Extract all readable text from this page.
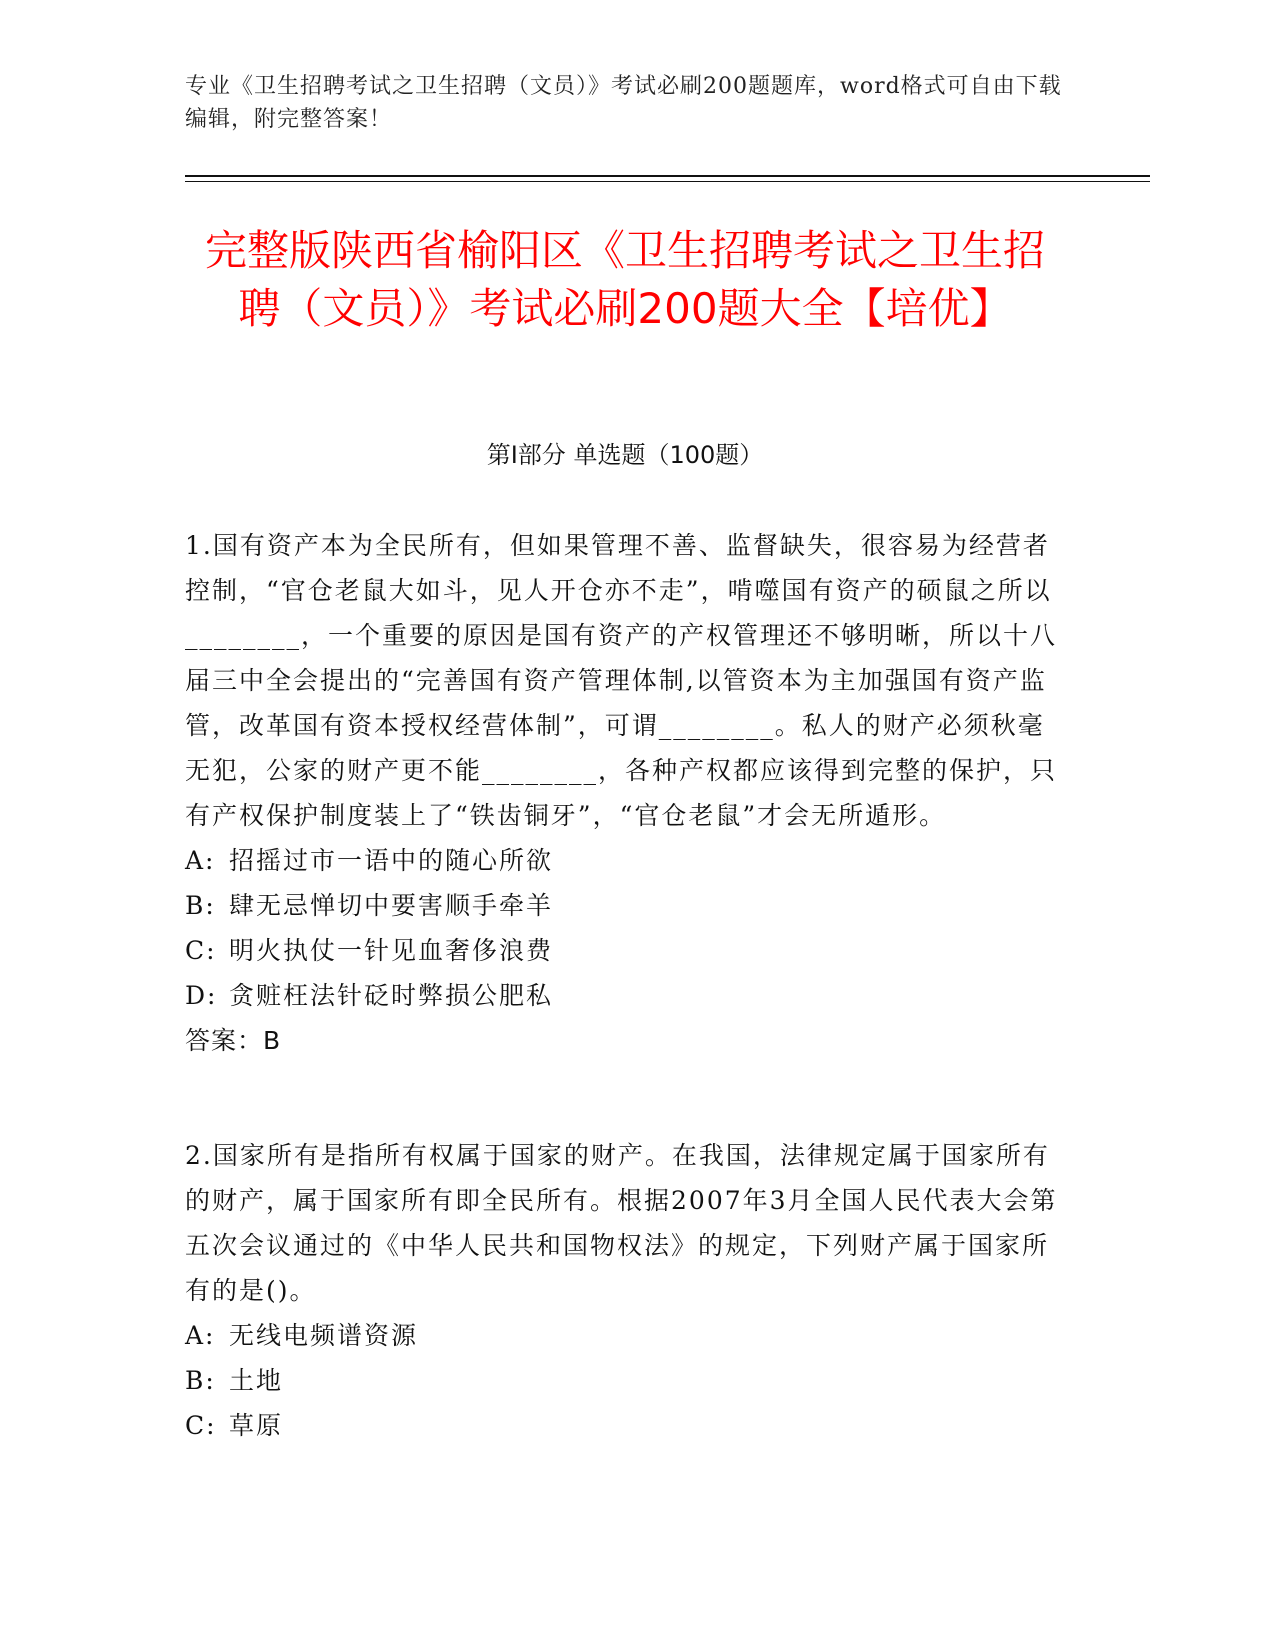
专业《卫生招聘考试之卫生招聘（文员）》考试必刷200题题库，word格式可自由下载编辑，附完整答案！
完整版陕西省榆阳区《卫生招聘考试之卫生招聘（文员）》考试必刷200题大全【培优】
第I部分 单选题（100题）
1.国有资产本为全民所有，但如果管理不善、监督缺失，很容易为经营者控制，“官仓老鼠大如斗，见人开仓亦不走”，啃噬国有资产的硕鼠之所以________，一个重要的原因是国有资产的产权管理还不够明晰，所以十八届三中全会提出的“完善国有资产管理体制,以管资本为主加强国有资产监管，改革国有资本授权经营体制”，可谓________。私人的财产必须秋毫无犯，公家的财产更不能________，各种产权都应该得到完整的保护，只有产权保护制度装上了“铁齿铜牙”，“官仓老鼠”才会无所遁形。
A: 招摇过市一语中的随心所欲
B: 肆无忌惮切中要害顺手牵羊
C: 明火执仗一针见血奢侈浪费
D: 贪赃枉法针砭时弊损公肥私
答案：B
2.国家所有是指所有权属于国家的财产。在我国，法律规定属于国家所有的财产，属于国家所有即全民所有。根据2007年3月全国人民代表大会第五次会议通过的《中华人民共和国物权法》的规定，下列财产属于国家所有的是()。
A: 无线电频谱资源
B: 土地
C: 草原
